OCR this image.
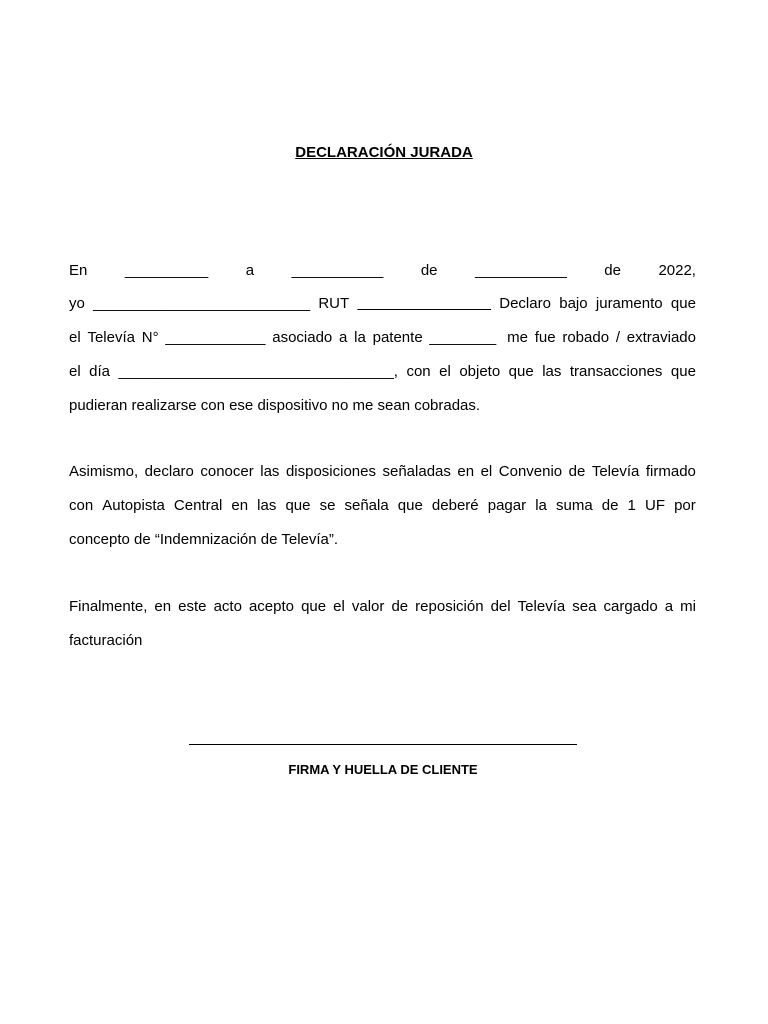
DECLARACIÓN JURADA
En __________ a ___________ de ___________ de 2022,
yo __________________________ RUT ________________ Declaro bajo juramento que
el Televía N° ____________ asociado a la patente ________ me fue robado / extraviado
el día _________________________________, con el objeto que las transacciones que
pudieran realizarse con ese dispositivo no me sean cobradas.
Asimismo, declaro conocer las disposiciones señaladas en el Convenio de Televía firmado
con Autopista Central en las que se señala que deberé pagar la suma de 1 UF por
concepto de “Indemnización de Televía”.
Finalmente, en este acto acepto que el valor de reposición del Televía sea cargado a mi
facturación
FIRMA Y HUELLA DE CLIENTE
